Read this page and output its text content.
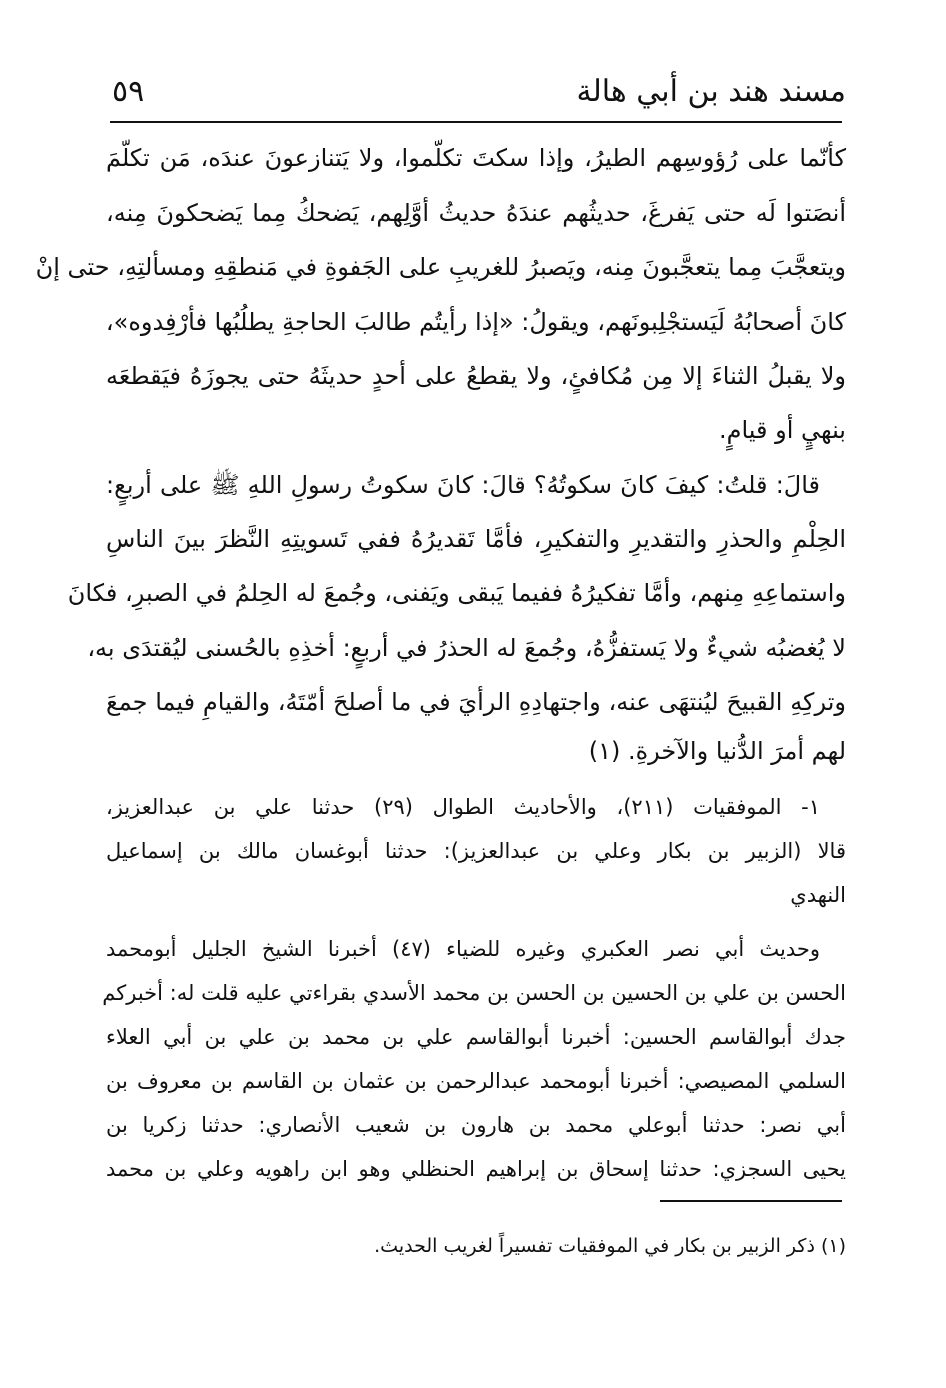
مسند هند بن أبي هالة
٥٩
كأنّما على رُؤوسِهم الطيرُ، وإذا سكتَ تكلّموا، ولا يَتنازعونَ عندَه، مَن تكلّمَ
أنصَتوا لَه حتى يَفرغَ، حديثُهم عندَهُ حديثُ أوَّلِهم، يَضحكُ مِما يَضحكونَ مِنه،
ويتعجَّبَ مِما يتعجَّبونَ مِنه، ويَصبرُ للغريبِ على الجَفوةِ في مَنطقِهِ ومسألتِهِ، حتى إنْ
كانَ أصحابُهُ لَيَستجْلِبونَهم، ويقولُ: «إذا رأيتُم طالبَ الحاجةِ يطلُبُها فأرْفِدوه»،
ولا يقبلُ الثناءَ إلا مِن مُكافئٍ، ولا يقطعُ على أحدٍ حديثَهُ حتى يجوزَهُ فيَقطعَه
بنهيٍ أو قيامٍ.
قالَ: قلتُ: كيفَ كانَ سكوتُهُ؟ قالَ: كانَ سكوتُ رسولِ اللهِ ﷺ على أربعٍ:
الحِلْمِ والحذرِ والتقديرِ والتفكيرِ، فأمَّا تَقديرُهُ ففي تَسويتِهِ النَّظرَ بينَ الناسِ
واستماعِهِ مِنهم، وأمَّا تفكيرُهُ ففيما يَبقى ويَفنى، وجُمعَ له الحِلمُ في الصبرِ، فكانَ
لا يُغضبُه شيءٌ ولا يَستفزُّهُ، وجُمعَ له الحذرُ في أربعٍ: أخذِهِ بالحُسنى ليُقتدَى به،
وتركِهِ القبيحَ ليُنتهَى عنه، واجتهادِهِ الرأيَ في ما أصلحَ أمّتَهُ، والقيامِ فيما جمعَ
لهم أمرَ الدُّنيا والآخرةِ. (١)
١- الموفقيات (٢١١)، والأحاديث الطوال (٢٩) حدثنا علي بن عبدالعزيز،
قالا (الزبير بن بكار وعلي بن عبدالعزيز): حدثنا أبوغسان مالك بن إسماعيل
النهدي
وحديث أبي نصر العكبري وغيره للضياء (٤٧) أخبرنا الشيخ الجليل أبومحمد
الحسن بن علي بن الحسين بن الحسن بن محمد الأسدي بقراءتي عليه قلت له: أخبركم
جدك أبوالقاسم الحسين: أخبرنا أبوالقاسم علي بن محمد بن علي بن أبي العلاء
السلمي المصيصي: أخبرنا أبومحمد عبدالرحمن بن عثمان بن القاسم بن معروف بن
أبي نصر: حدثنا أبوعلي محمد بن هارون بن شعيب الأنصاري: حدثنا زكريا بن
يحيى السجزي: حدثنا إسحاق بن إبراهيم الحنظلي وهو ابن راهويه وعلي بن محمد
(١) ذكر الزبير بن بكار في الموفقيات تفسيراً لغريب الحديث.
